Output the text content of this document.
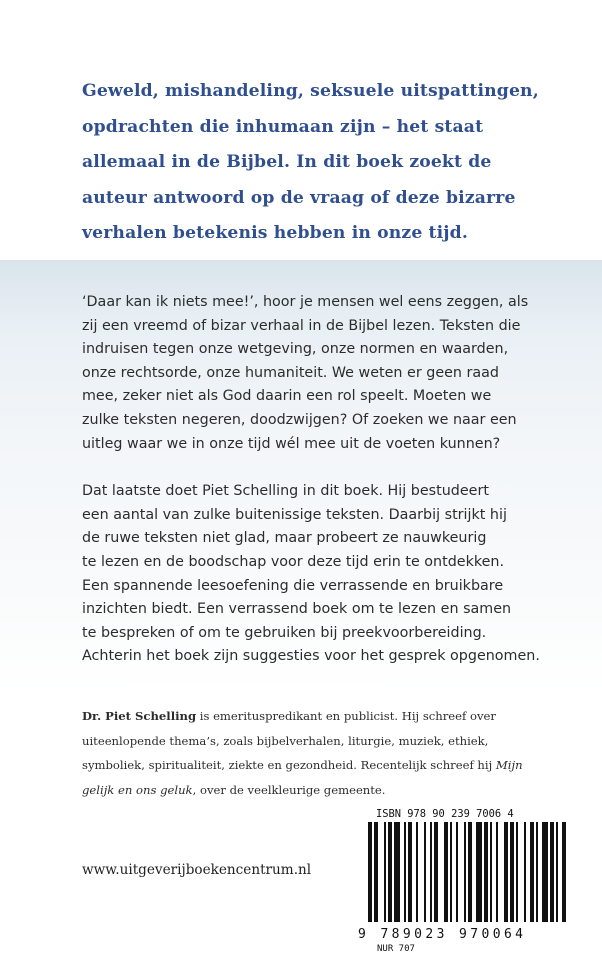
Geweld, mishandeling, seksuele uitspattingen,
opdrachten die inhumaan zijn – het staat
allemaal in de Bijbel. In dit boek zoekt de
auteur antwoord op de vraag of deze bizarre
verhalen betekenis hebben in onze tijd.

‘Daar kan ik niets mee!’, hoor je mensen wel eens zeggen, als
zij een vreemd of bizar verhaal in de Bijbel lezen. Teksten die
indruisen tegen onze wetgeving, onze normen en waarden,
onze rechtsorde, onze humaniteit. We weten er geen raad
mee, zeker niet als God daarin een rol speelt. Moeten we
zulke teksten negeren, doodzwijgen? Of zoeken we naar een
uitleg waar we in onze tijd wél mee uit de voeten kunnen?

Dat laatste doet Piet Schelling in dit boek. Hij bestudeert
een aantal van zulke buitenissige teksten. Daarbij strijkt hij
de ruwe teksten niet glad, maar probeert ze nauwkeurig
te lezen en de boodschap voor deze tijd erin te ontdekken.
Een spannende leesoefening die verrassende en bruikbare
inzichten biedt. Een verrassend boek om te lezen en samen
te bespreken of om te gebruiken bij preekvoorbereiding.
Achterin het boek zijn suggesties voor het gesprek opgenomen.

Dr. Piet Schelling is emerituspredikant en publicist. Hij schreef over
uiteenlopende thema’s, zoals bijbelverhalen, liturgie, muziek, ethiek,
symboliek, spiritualiteit, ziekte en gezondheid. Recentelijk schreef hij Mijn
gelijk en ons geluk, over de veelkleurige gemeente.
www.uitgeverijboekencentrum.nl
ISBN 978 90 239 7006 4
9 789023 970064
NUR 707
